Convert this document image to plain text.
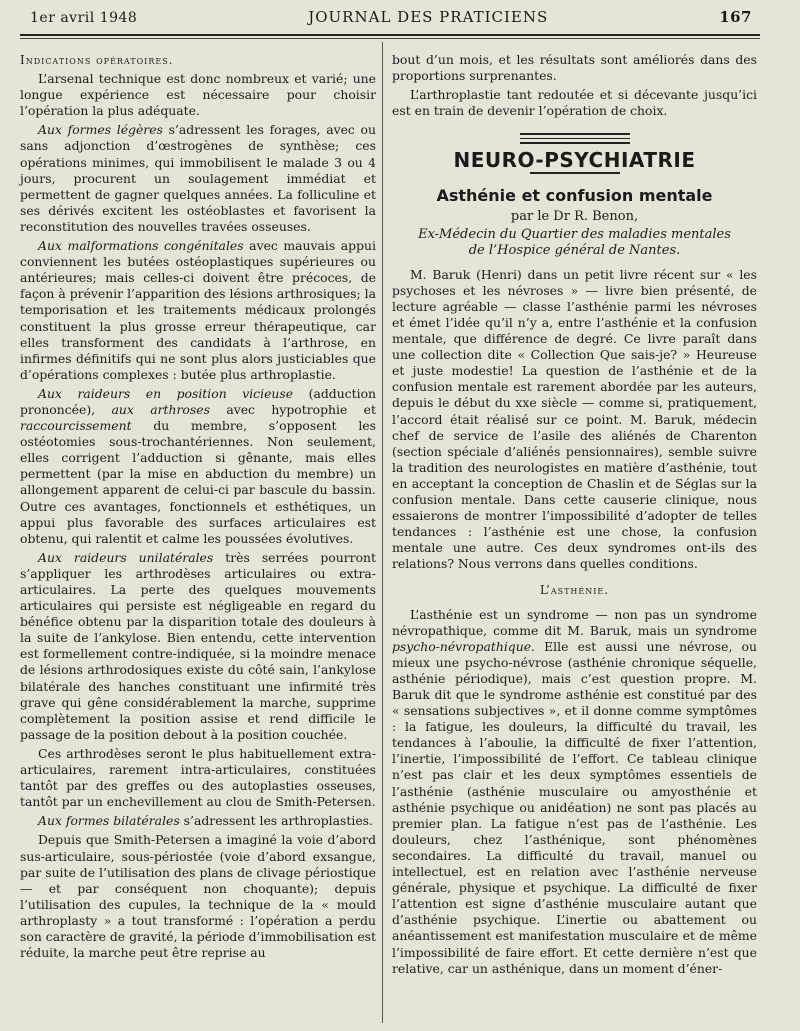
1er avril 1948	JOURNAL DES PRATICIENS	167

Indications opératoires.

L’arsenal technique est donc nombreux et varié; une longue expérience est nécessaire pour choisir l’opération la plus adéquate.

Aux formes légères s’adressent les forages, avec ou sans adjonction d’œstrogènes de synthèse; ces opérations minimes, qui immobilisent le malade 3 ou 4 jours, procurent un soulagement immédiat et permettent de gagner quelques années. La folliculine et ses dérivés excitent les ostéoblastes et favorisent la reconstitution des nouvelles travées osseuses.

Aux malformations congénitales avec mauvais appui conviennent les butées ostéoplastiques supérieures ou antérieures; mais celles-ci doivent être précoces, de façon à prévenir l’apparition des lésions arthrosiques; la temporisation et les traitements médicaux prolongés constituent la plus grosse erreur thérapeutique, car elles transforment des candidats à l’arthrose, en infirmes définitifs qui ne sont plus alors justiciables que d’opérations complexes : butée plus arthroplastie.

Aux raideurs en position vicieuse (adduction prononcée), aux arthroses avec hypotrophie et raccourcissement du membre, s’opposent les ostéotomies sous-trochantériennes. Non seulement, elles corrigent l’adduction si gênante, mais elles permettent (par la mise en abduction du membre) un allongement apparent de celui-ci par bascule du bassin. Outre ces avantages, fonctionnels et esthétiques, un appui plus favorable des surfaces articulaires est obtenu, qui ralentit et calme les poussées évolutives.

Aux raideurs unilatérales très serrées pourront s’appliquer les arthrodèses articulaires ou extra-articulaires. La perte des quelques mouvements articulaires qui persiste est négligeable en regard du bénéfice obtenu par la disparition totale des douleurs à la suite de l’ankylose. Bien entendu, cette intervention est formellement contre-indiquée, si la moindre menace de lésions arthrodosiques existe du côté sain, l’ankylose bilatérale des hanches constituant une infirmité très grave qui gêne considérablement la marche, supprime complètement la position assise et rend difficile le passage de la position debout à la position couchée.

Ces arthrodèses seront le plus habituellement extra-articulaires, rarement intra-articulaires, constituées tantôt par des greffes ou des autoplasties osseuses, tantôt par un enchevillement au clou de Smith-Petersen.

Aux formes bilatérales s’adressent les arthroplasties.

Depuis que Smith-Petersen a imaginé la voie d’abord sus-articulaire, sous-périostée (voie d’abord exsangue, par suite de l’utilisation des plans de clivage périostique — et par conséquent non choquante); depuis l’utilisation des cupules, la technique de la « mould arthroplasty » a tout transformé : l’opération a perdu son caractère de gravité, la période d’immobilisation est réduite, la marche peut être reprise au

bout d’un mois, et les résultats sont améliorés dans des proportions surprenantes.

L’arthroplastie tant redoutée et si décevante jusqu’ici est en train de devenir l’opération de choix.

NEURO-PSYCHIATRIE
Asthénie et confusion mentale
par le Dr R. Benon,
Ex-Médecin du Quartier des maladies mentales
de l’Hospice général de Nantes.

M. Baruk (Henri) dans un petit livre récent sur « les psychoses et les névroses » — livre bien présenté, de lecture agréable — classe l’asthénie parmi les névroses et émet l’idée qu’il n’y a, entre l’asthénie et la confusion mentale, que différence de degré. Ce livre paraît dans une collection dite « Collection Que sais-je? » Heureuse et juste modestie! La question de l’asthénie et de la confusion mentale est rarement abordée par les auteurs, depuis le début du xxe siècle — comme si, pratiquement, l’accord était réalisé sur ce point. M. Baruk, médecin chef de service de l’asile des aliénés de Charenton (section spéciale d’aliénés pensionnaires), semble suivre la tradition des neurologistes en matière d’asthénie, tout en acceptant la conception de Chaslin et de Séglas sur la confusion mentale. Dans cette causerie clinique, nous essaierons de montrer l’impossibilité d’adopter de telles tendances : l’asthénie est une chose, la confusion mentale une autre. Ces deux syndromes ont-ils des relations? Nous verrons dans quelles conditions.

L’asthénie.

L’asthénie est un syndrome — non pas un syndrome névropathique, comme dit M. Baruk, mais un syndrome psycho-névropathique. Elle est aussi une névrose, ou mieux une psycho-névrose (asthénie chronique séquelle, asthénie périodique), mais c’est question propre. M. Baruk dit que le syndrome asthénie est constitué par des « sensations subjectives », et il donne comme symptômes : la fatigue, les douleurs, la difficulté du travail, les tendances à l’aboulie, la difficulté de fixer l’attention, l’inertie, l’impossibilité de l’effort. Ce tableau clinique n’est pas clair et les deux symptômes essentiels de l’asthénie (asthénie musculaire ou amyosthénie et asthénie psychique ou anidéation) ne sont pas placés au premier plan. La fatigue n’est pas de l’asthénie. Les douleurs, chez l’asthénique, sont phénomènes secondaires. La difficulté du travail, manuel ou intellectuel, est en relation avec l’asthénie nerveuse générale, physique et psychique. La difficulté de fixer l’attention est signe d’asthénie musculaire autant que d’asthénie psychique. L’inertie ou abattement ou anéantissement est manifestation musculaire et de même l’impossibilité de faire effort. Et cette dernière n’est que relative, car un asthénique, dans un moment d’éner-
